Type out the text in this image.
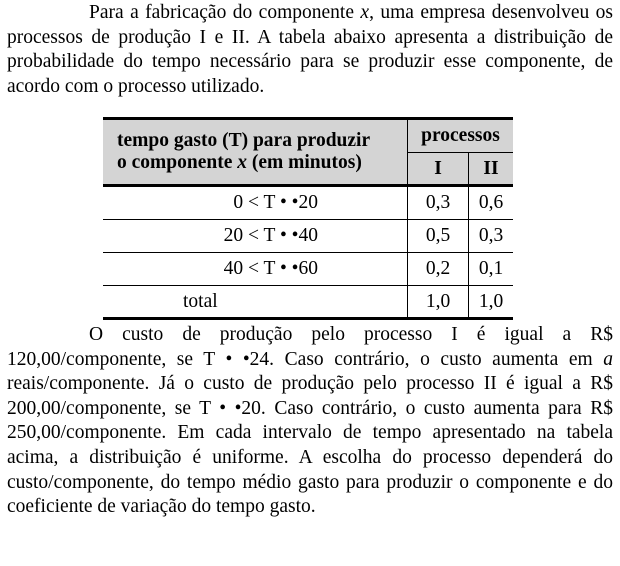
Para a fabricação do componente x, uma empresa desenvolveu os processos de produção I e II. A tabela abaixo apresenta a distribuição de probabilidade do tempo necessário para se produzir esse componente, de acordo com o processo utilizado.

tempo gasto (T) para produzir
o componente x (em minutos)	processos	
	I	II
0 < T • •20	0,3	0,6
20 < T • •40	0,5	0,3
40 < T • •60	0,2	0,1
total	1,0	1,0

O custo de produção pelo processo I é igual a R$ 120,00/componente, se T • •24. Caso contrário, o custo aumenta em a reais/componente. Já o custo de produção pelo processo II é igual a R$ 200,00/componente, se T • •20. Caso contrário, o custo aumenta para R$ 250,00/componente. Em cada intervalo de tempo apresentado na tabela acima, a distribuição é uniforme. A escolha do processo dependerá do custo/componente, do tempo médio gasto para produzir o componente e do coeficiente de variação do tempo gasto.
